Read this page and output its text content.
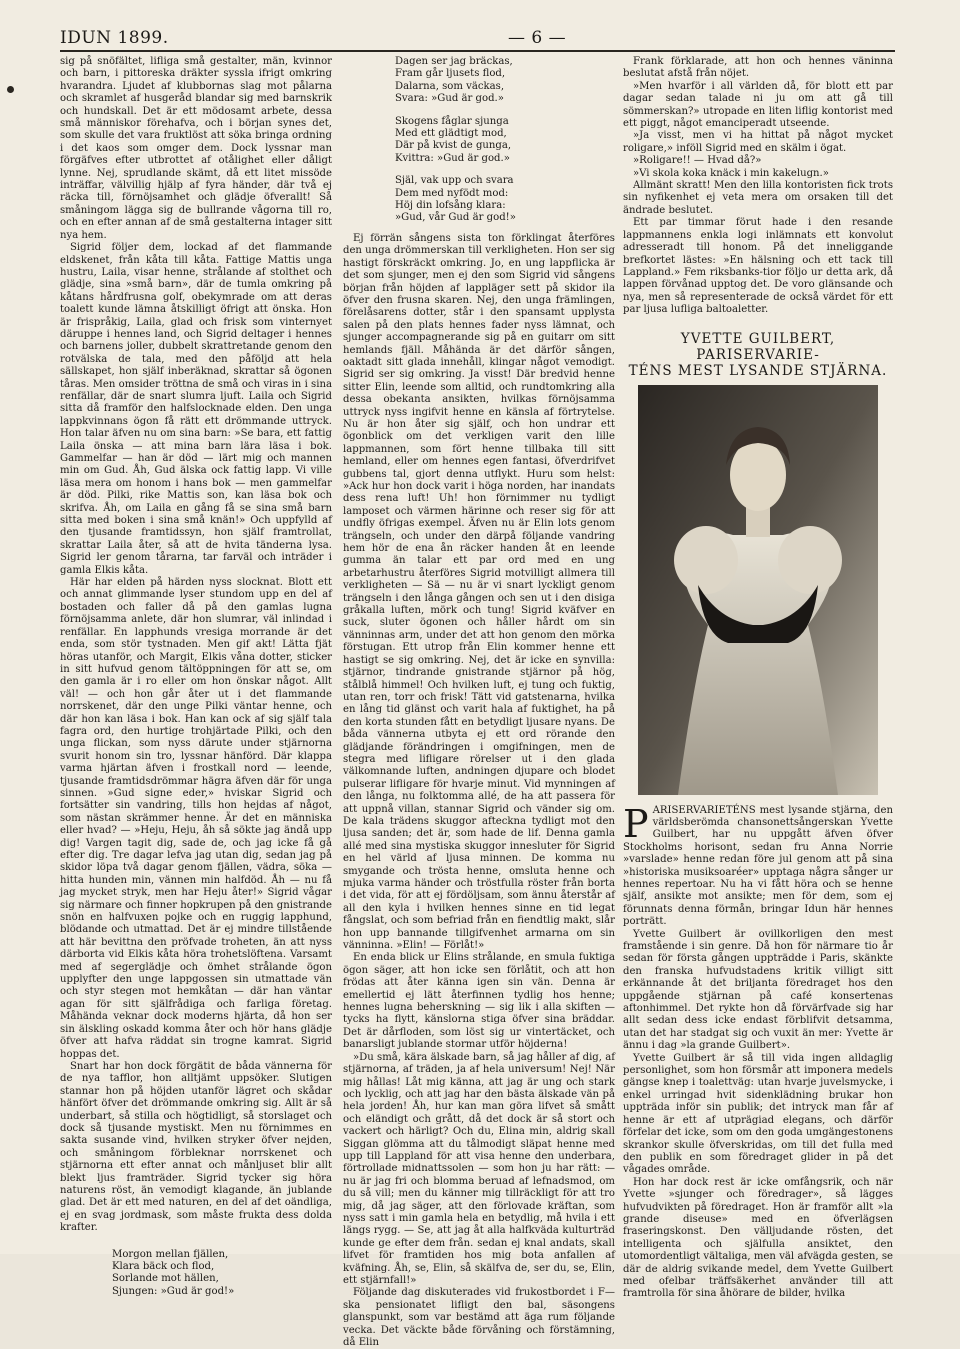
IDUN 1899.	— 6 —

sig på snöfältet, lifliga små gestalter, män, kvinnor och barn, i pittoreska dräkter syssla ifrigt omkring hvarandra. Ljudet af klubbornas slag mot pålarna och skramlet af husgeråd blandar sig med barnskrik och hundskall. Det är ett mödosamt arbete, dessa små människor förehafva, och i början synes det, som skulle det vara fruktlöst att söka bringa ordning i det kaos som omger dem. Dock lyssnar man förgäfves efter utbrottet af otålighet eller dåligt lynne. Nej, sprudlande skämt, då ett litet missöde inträffar, välvillig hjälp af fyra händer, där två ej räcka till, förnöjsamhet och glädje öfverallt! Så småningom lägga sig de bullrande vågorna till ro, och en efter annan af de små gestalterna intager sitt nya hem.

Sigrid följer dem, lockad af det flammande eldskenet, från kåta till kåta. Fattige Mattis unga hustru, Laila, visar henne, strålande af stolthet och glädje, sina »små barn», där de tumla omkring på kåtans hårdfrusna golf, obekymrade om att deras toalett kunde lämna åtskilligt öfrigt att önska. Hon är frispråkig, Laila, glad och frisk som vinternyet däruppe i hennes land, och Sigrid deltager i hennes och barnens joller, dubbelt skrattretande genom den rotvälska de tala, med den påföljd att hela sällskapet, hon själf inberäknad, skrattar så ögonen tåras. Men omsider tröttna de små och viras in i sina renfällar, där de snart slumra ljuft. Laila och Sigrid sitta då framför den halfslocknade elden. Den unga lappkvinnans ögon få rätt ett drömmande uttryck. Hon talar äfven nu om sina barn: »Se bara, ett fattig Laila önska — att mina barn lära läsa i bok. Gammelfar — han är död — lärt mig och mannen min om Gud. Åh, Gud älska ock fattig lapp. Vi ville läsa mera om honom i hans bok — men gammelfar är död. Pilki, rike Mattis son, kan läsa bok och skrifva. Åh, om Laila en gång få se sina små barn sitta med boken i sina små knän!» Och uppfylld af den tjusande framtidssyn, hon själf framtrollat, skrattar Laila åter, så att de hvita tänderna lysa. Sigrid ler genom tårarna, tar farväl och inträder i gamla Elkis kåta.

Här har elden på härden nyss slocknat. Blott ett och annat glimmande lyser stundom upp en del af bostaden och faller då på den gamlas lugna förnöjsamma anlete, där hon slumrar, väl inlindad i renfällar. En lapphunds vresiga morrande är det enda, som stör tystnaden. Men gif akt! Lätta fjät höras utanför, och Margit, Elkis våna dotter, sticker in sitt hufvud genom tältöppningen för att se, om den gamla är i ro eller om hon önskar något. Allt väl! — och hon går åter ut i det flammande norrskenet, där den unge Pilki väntar henne, och där hon kan läsa i bok. Han kan ock af sig själf tala fagra ord, den hurtige trohjärtade Pilki, och den unga flickan, som nyss därute under stjärnorna svurit honom sin tro, lyssnar hänförd. Där klappa varma hjärtan äfven i frostkall nord — leende, tjusande framtidsdrömmar hägra äfven där för unga sinnen. »Gud signe eder,» hviskar Sigrid och fortsätter sin vandring, tills hon hejdas af något, som nästan skrämmer henne. Är det en människa eller hvad? — »Heju, Heju, åh så sökte jag ändå upp dig! Vargen tagit dig, sade de, och jag icke få gå efter dig. Tre dagar lefva jag utan dig, sedan jag på skidor löpa två dagar genom fjällen, vädra, söka — hitta hunden min, vännen min halfdöd. Åh — nu få jag mycket stryk, men har Heju åter!» Sigrid vågar sig närmare och finner hopkrupen på den gnistrande snön en halfvuxen pojke och en ruggig lapphund, blödande och utmattad. Det är ej mindre tillstående att här bevittna den pröfvade troheten, än att nyss därborta vid Elkis kåta höra trohetslöftena. Varsamt med af segerglädje och ömhet strålande ögon upplyfter den unge lappgossen sin utmattade vän och styr stegen mot hemkåtan — där han väntar agan för sitt själfrådiga och farliga företag. Måhända veknar dock moderns hjärta, då hon ser sin älskling oskadd komma åter och hör hans glädje öfver att hafva räddat sin trogne kamrat. Sigrid hoppas det.

Snart har hon dock förgätit de båda vännerna för de nya tafflor, hon alltjämt uppsöker. Slutigen stannar hon på höjden utanför lägret och skådar hänfört öfver det drömmande omkring sig. Allt är så underbart, så stilla och högtidligt, så storslaget och dock så tjusande mystiskt. Men nu förnimmes en sakta susande vind, hvilken stryker öfver nejden, och småningom förbleknar norrskenet och stjärnorna ett efter annat och månljuset blir allt blekt ljus framträder. Sigrid tycker sig höra naturens röst, än vemodigt klagande, än jublande glad. Det är ett med naturen, en del af det oändliga, ej en svag jordmask, som måste frukta dess dolda krafter.

Morgon mellan fjällen,
Klara bäck och flod,
Sorlande mot hällen,
Sjungen: »Gud är god!»
Dagen ser jag bräckas,
Fram går ljusets flod,
Dalarna, som väckas,
Svara: »Gud är god.»
Skogens fåglar sjunga
Med ett glädtigt mod,
Där på kvist de gunga,
Kvittra: »Gud är god.»
Själ, vak upp och svara
Dem med nyfödt mod:
Höj din lofsång klara:
»Gud, vår Gud är god!»

Ej förrän sångens sista ton förklingat återföres den unga drömmerskan till verkligheten. Hon ser sig hastigt förskräckt omkring. Jo, en ung lappflicka är det som sjunger, men ej den som Sigrid vid sångens början från höjden af lappläger sett på skidor ila öfver den frusna skaren. Nej, den unga främlingen, förelåsarens dotter, står i den spansamt upplysta salen på den plats hennes fader nyss lämnat, och sjunger accompagnerande sig på en guitarr om sitt hemlands fjäll. Måhända är det därför sången, oaktadt sitt glada innehåll, klingar något vemodigt. Sigrid ser sig omkring. Ja visst! Där bredvid henne sitter Elin, leende som alltid, och rundtomkring alla dessa obekanta ansikten, hvilkas förnöjsamma uttryck nyss ingifvit henne en känsla af förtrytelse. Nu är hon åter sig själf, och hon undrar ett ögonblick om det verkligen varit den lille lappmannen, som fört henne tillbaka till sitt hemland, eller om hennes egen fantasi, öfverdrifvet gubbens tal, gjort denna utflykt. Huru som helst: »Ack hur hon dock varit i höga norden, har inandats dess rena luft! Uh! hon förnimmer nu tydligt lamposet och värmen härinne och reser sig för att undfly öfrigas exempel. Äfven nu är Elin lots genom trängseln, och under den därpå följande vandring hem hör de ena ån räcker handen åt en leende gumma än talar ett par ord med en ung arbetarhustru återföres Sigrid motvilligt allmera till verkligheten — Sä — nu är vi snart lyckligt genom trängseln i den långa gången och sen ut i den disiga gråkalla luften, mörk och tung! Sigrid kväfver en suck, sluter ögonen och håller hårdt om sin vänninnas arm, under det att hon genom den mörka förstugan. Ett utrop från Elin kommer henne ett hastigt se sig omkring. Nej, det är icke en synvilla: stjärnor, tindrande gnistrande stjärnor på hög, stålblå himmel! Och hvilken luft, ej tung och fuktig, utan ren, torr och frisk! Tätt vid gatstenarna, hvilka en lång tid glänst och varit hala af fuktighet, ha på den korta stunden fått en betydligt ljusare nyans. De båda vännerna utbyta ej ett ord rörande den glädjande förändringen i omgifningen, men de stegra med lifligare rörelser ut i den glada välkomnande luften, andningen djupare och blodet pulserar lifligare för hvarje minut. Vid mynningen af den långa, nu folktomma allé, de ha att passera för att uppnå villan, stannar Sigrid och vänder sig om. De kala trädens skuggor afteckna tydligt mot den ljusa sanden; det är, som hade de lif. Denna gamla allé med sina mystiska skuggor innesluter för Sigrid en hel värld af ljusa minnen. De komma nu smygande och trösta henne, omsluta henne och mjuka varma händer och tröstfulla röster från borta i det vida, för att ej fördöljsam, som ännu återstår af all den kyla i hvilken hennes sinne en tid legat fångslat, och som befriad från en fiendtlig makt, slår hon upp bannande tillgifvenhet armarna om sin vänninna. »Elin! — Förlåt!»

En enda blick ur Elins strålande, en smula fuktiga ögon säger, att hon icke sen förlåtit, och att hon frödas att åter känna igen sin vän. Denna är emellertid ej lätt återfinnen tydlig hos henne; hennes lugna beherskning — sig lik i alla skiften — tycks ha flytt, känslorna stiga öfver sina bräddar. Det är dårfloden, som löst sig ur vintertäcket, och banarsligt jublande stormar utför höjderna!

»Du små, kära älskade barn, så jag håller af dig, af stjärnorna, af träden, ja af hela universum! Nej! När mig hållas! Låt mig känna, att jag är ung och stark och lycklig, och att jag har den bästa älskade vän på hela jorden! Åh, hur kan man göra lifvet så smått och eländigt och grått, då det dock är så stort och vackert och härligt? Och du, Elina min, aldrig skall Siggan glömma att du tålmodigt släpat henne med upp till Lappland för att visa henne den underbara, förtrollade midnattssolen — som hon ju har rätt: — nu är jag fri och blomma beruad af lefnadsmod, om du så vill; men du känner mig tillräckligt för att tro mig, då jag säger, att den förlovade kräftan, som nyss satt i min gamla hela en betydlig, må hvila i ett längs rygg. — Se, att jag åt alla halfkväda kulturträd kunde ge efter dem från. sedan ej knal andats, skall lifvet för framtiden hos mig bota anfallen af kväfning. Åh, se, Elin, så skälfva de, ser du, se, Elin, ett stjärnfall!»

Följande dag diskuterades vid frukostbordet i F—ska pensionatet lifligt den bal, säsongens glanspunkt, som var bestämd att äga rum följande vecka. Det väckte både förvåning och förstämning, då Elin

Frank förklarade, att hon och hennes väninna beslutat afstå från nöjet.

»Men hvarför i all världen då, för blott ett par dagar sedan talade ni ju om att gå till sömmerskan?» utropade en liten liflig kontorist med ett piggt, något emanciperadt utseende.

»Ja visst, men vi ha hittat på något mycket roligare,» inföll Sigrid med en skälm i ögat.

»Roligare!! — Hvad då?»

»Vi skola koka knäck i min kakelugn.»

Allmänt skratt! Men den lilla kontoristen fick trots sin nyfikenhet ej veta mera om orsaken till det ändrade beslutet.

Ett par timmar förut hade i den resande lappmannens enkla logi inlämnats ett konvolut adresseradt till honom. På det inneliggande brefkortet lästes: »En hälsning och ett tack till Lappland.» Fem riksbanks-tior följo ur detta ark, då lappen förvånad upptog det. De voro glänsande och nya, men så representerade de också värdet för ett par ljusa lufliga baltoaletter.

YVETTE GUILBERT, PARISERVARIE-
TÉNS MEST LYSANDE STJÄRNA.

PARISERVARIETÉNS mest lysande stjärna, den världsberömda chansonettsångerskan Yvette Guilbert, har nu uppgått äfven öfver Stockholms horisont, sedan fru Anna Norrie »varslade» henne redan före jul genom att på sina »historiska musiksoaréer» upptaga några sånger ur hennes repertoar. Nu ha vi fått höra och se henne själf, ansikte mot ansikte; men för dem, som ej förunnats denna förmån, bringar Idun här hennes porträtt.

Yvette Guilbert är ovillkorligen den mest framstående i sin genre. Då hon för närmare tio år sedan för första gången uppträdde i Paris, skänkte den franska hufvudstadens kritik villigt sitt erkännande åt det briljanta föredraget hos den uppgående stjärnan på café konsertenas aftonhimmel. Det rykte hon då förvärfvade sig har allt sedan dess icke endast förblifvit detsamma, utan det har stadgat sig och vuxit än mer: Yvette är ännu i dag »la grande Guilbert».

Yvette Guilbert är så till vida ingen alldaglig personlighet, som hon försmår att imponera medels gängse knep i toalettväg: utan hvarje juvelsmycke, i enkel urringad hvit sidenklädning brukar hon uppträda inför sin publik; det intryck man får af henne är ett af utprägiad elegans, och därför förfelar det icke, som om den goda umgängestonens skrankor skulle öfverskridas, om till det fulla med den publik en som föredraget glider in på det vågades område.

Hon har dock rest är icke omfångsrik, och när Yvette »sjunger och föredrager», så lägges hufvudvikten på föredraget. Hon är framför allt »la grande diseuse» med en öfverlägsen fraseringskonst. Den välljudande rösten, det intelligenta och själfulla ansiktet, den utomordentligt vältaliga, men väl afvägda gesten, se där de aldrig svikande medel, dem Yvette Guilbert med ofelbar träffsäkerhet använder till att framtrolla för sina åhörare de bilder, hvilka
